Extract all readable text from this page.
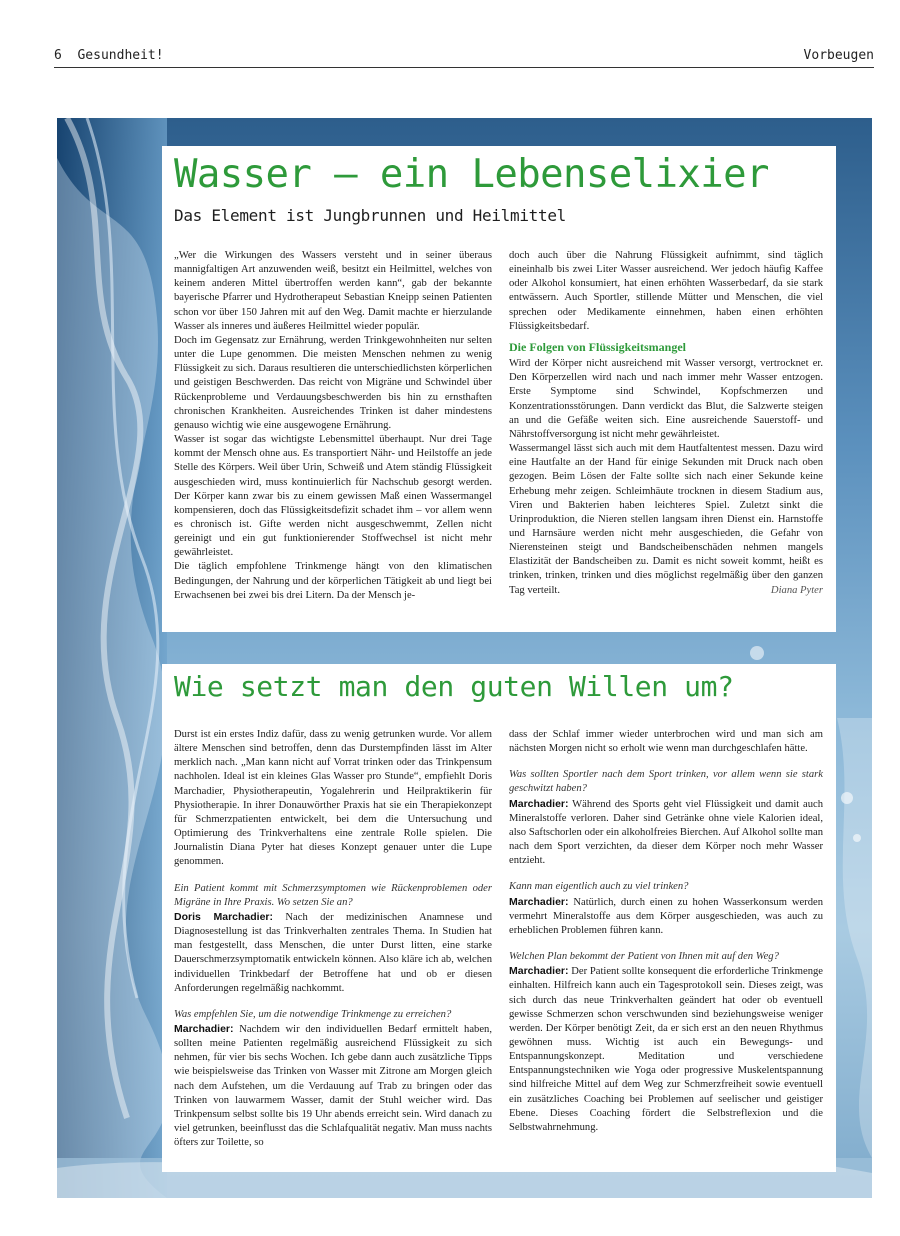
6 Gesundheit!	Vorbeugen
Wasser – ein Lebenselixier
Das Element ist Jungbrunnen und Heilmittel

„Wer die Wirkungen des Wassers versteht und in seiner überaus mannigfaltigen Art anzuwenden weiß, besitzt ein Heilmittel, welches von keinem anderen Mittel übertroffen werden kann“, gab der bekannte bayerische Pfarrer und Hydrotherapeut Sebastian Kneipp seinen Patienten schon vor über 150 Jahren mit auf den Weg. Damit machte er hierzulande Wasser als inneres und äußeres Heilmittel wieder populär.

Doch im Gegensatz zur Ernährung, werden Trinkgewohnheiten nur selten unter die Lupe genommen. Die meisten Menschen nehmen zu wenig Flüssigkeit zu sich. Daraus resultieren die unterschiedlichsten körperlichen und geistigen Beschwerden. Das reicht von Migräne und Schwindel über Rückenprobleme und Verdauungsbeschwerden bis hin zu ernsthaften chronischen Krankheiten. Ausreichendes Trinken ist daher mindestens genauso wichtig wie eine ausgewogene Ernährung.

Wasser ist sogar das wichtigste Lebensmittel überhaupt. Nur drei Tage kommt der Mensch ohne aus. Es transportiert Nähr- und Heilstoffe an jede Stelle des Körpers. Weil über Urin, Schweiß und Atem ständig Flüssigkeit ausgeschieden wird, muss kontinuierlich für Nachschub gesorgt werden. Der Körper kann zwar bis zu einem gewissen Maß einen Wassermangel kompensieren, doch das Flüssigkeitsdefizit schadet ihm – vor allem wenn es chronisch ist. Gifte werden nicht ausgeschwemmt, Zellen nicht gereinigt und ein gut funktionierender Stoffwechsel ist nicht mehr gewährleistet.

Die täglich empfohlene Trinkmenge hängt von den klimatischen Bedingungen, der Nahrung und der körperlichen Tätigkeit ab und liegt bei Erwachsenen bei zwei bis drei Litern. Da der Mensch je-

doch auch über die Nahrung Flüssigkeit aufnimmt, sind täglich eineinhalb bis zwei Liter Wasser ausreichend. Wer jedoch häufig Kaffee oder Alkohol konsumiert, hat einen erhöhten Wasserbedarf, da sie stark entwässern. Auch Sportler, stillende Mütter und Menschen, die viel sprechen oder Medikamente einnehmen, haben einen erhöhten Flüssigkeitsbedarf.

Die Folgen von Flüssigkeitsmangel

Wird der Körper nicht ausreichend mit Wasser versorgt, vertrocknet er. Den Körperzellen wird nach und nach immer mehr Wasser entzogen. Erste Symptome sind Schwindel, Kopfschmerzen und Konzentrationsstörungen. Dann verdickt das Blut, die Salzwerte steigen an und die Gefäße weiten sich. Eine ausreichende Sauerstoff- und Nährstoffversorgung ist nicht mehr gewährleistet.

Wassermangel lässt sich auch mit dem Hautfaltentest messen. Dazu wird eine Hautfalte an der Hand für einige Sekunden mit Druck nach oben gezogen. Beim Lösen der Falte sollte sich nach einer Sekunde keine Erhebung mehr zeigen. Schleimhäute trocknen in diesem Stadium aus, Viren und Bakterien haben leichteres Spiel. Zuletzt sinkt die Urinproduktion, die Nieren stellen langsam ihren Dienst ein. Harnstoffe und Harnsäure werden nicht mehr ausgeschieden, die Gefahr von Nierensteinen steigt und Bandscheibenschäden nehmen mangels Elastizität der Bandscheiben zu. Damit es nicht soweit kommt, heißt es trinken, trinken, trinken und dies möglichst regelmäßig über den ganzen Tag verteilt.	Diana Pyter

Wie setzt man den guten Willen um?

Durst ist ein erstes Indiz dafür, dass zu wenig getrunken wurde. Vor allem ältere Menschen sind betroffen, denn das Durstempfinden lässt im Alter merklich nach. „Man kann nicht auf Vorrat trinken oder das Trinkpensum nachholen. Ideal ist ein kleines Glas Wasser pro Stunde“, empfiehlt Doris Marchadier, Physiotherapeutin, Yogalehrerin und Heilpraktikerin für Physiotherapie. In ihrer Donauwörther Praxis hat sie ein Therapiekonzept für Schmerzpatienten entwickelt, bei dem die Untersuchung und Optimierung des Trinkverhaltens eine zentrale Rolle spielen. Die Journalistin Diana Pyter hat dieses Konzept genauer unter die Lupe genommen.

Ein Patient kommt mit Schmerzsymptomen wie Rückenproblemen oder Migräne in Ihre Praxis. Wo setzen Sie an?

Doris Marchadier: Nach der medizinischen Anamnese und Diagnosestellung ist das Trinkverhalten zentrales Thema. In Studien hat man festgestellt, dass Menschen, die unter Durst litten, eine starke Dauerschmerzsymptomatik entwickeln können. Also kläre ich ab, welchen individuellen Trinkbedarf der Betroffene hat und ob er diesen Anforderungen regelmäßig nachkommt.

Was empfehlen Sie, um die notwendige Trinkmenge zu erreichen?

Marchadier: Nachdem wir den individuellen Bedarf ermittelt haben, sollten meine Patienten regelmäßig ausreichend Flüssigkeit zu sich nehmen, für vier bis sechs Wochen. Ich gebe dann auch zusätzliche Tipps wie beispielsweise das Trinken von Wasser mit Zitrone am Morgen gleich nach dem Aufstehen, um die Verdauung auf Trab zu bringen oder das Trinken von lauwarmem Wasser, damit der Stuhl weicher wird. Das Trinkpensum selbst sollte bis 19 Uhr abends erreicht sein. Wird danach zu viel getrunken, beeinflusst das die Schlafqualität negativ. Man muss nachts öfters zur Toilette, so

dass der Schlaf immer wieder unterbrochen wird und man sich am nächsten Morgen nicht so erholt wie wenn man durchgeschlafen hätte.

Was sollten Sportler nach dem Sport trinken, vor allem wenn sie stark geschwitzt haben?

Marchadier: Während des Sports geht viel Flüssigkeit und damit auch Mineralstoffe verloren. Daher sind Getränke ohne viele Kalorien ideal, also Saftschorlen oder ein alkoholfreies Bierchen. Auf Alkohol sollte man nach dem Sport verzichten, da dieser dem Körper noch mehr Wasser entzieht.

Kann man eigentlich auch zu viel trinken?

Marchadier: Natürlich, durch einen zu hohen Wasserkonsum werden vermehrt Mineralstoffe aus dem Körper ausgeschieden, was auch zu erheblichen Problemen führen kann.

Welchen Plan bekommt der Patient von Ihnen mit auf den Weg?

Marchadier: Der Patient sollte konsequent die erforderliche Trinkmenge einhalten. Hilfreich kann auch ein Tagesprotokoll sein. Dieses zeigt, was sich durch das neue Trinkverhalten geändert hat oder ob eventuell gewisse Schmerzen schon verschwunden sind beziehungsweise weniger werden. Der Körper benötigt Zeit, da er sich erst an den neuen Rhythmus gewöhnen muss. Wichtig ist auch ein Bewegungs- und Entspannungskonzept. Meditation und verschiedene Entspannungstechniken wie Yoga oder progressive Muskelentspannung sind hilfreiche Mittel auf dem Weg zur Schmerzfreiheit sowie eventuell ein zusätzliches Coaching bei Problemen auf seelischer und geistiger Ebene. Dieses Coaching fördert die Selbstreflexion und die Selbstwahrnehmung.
